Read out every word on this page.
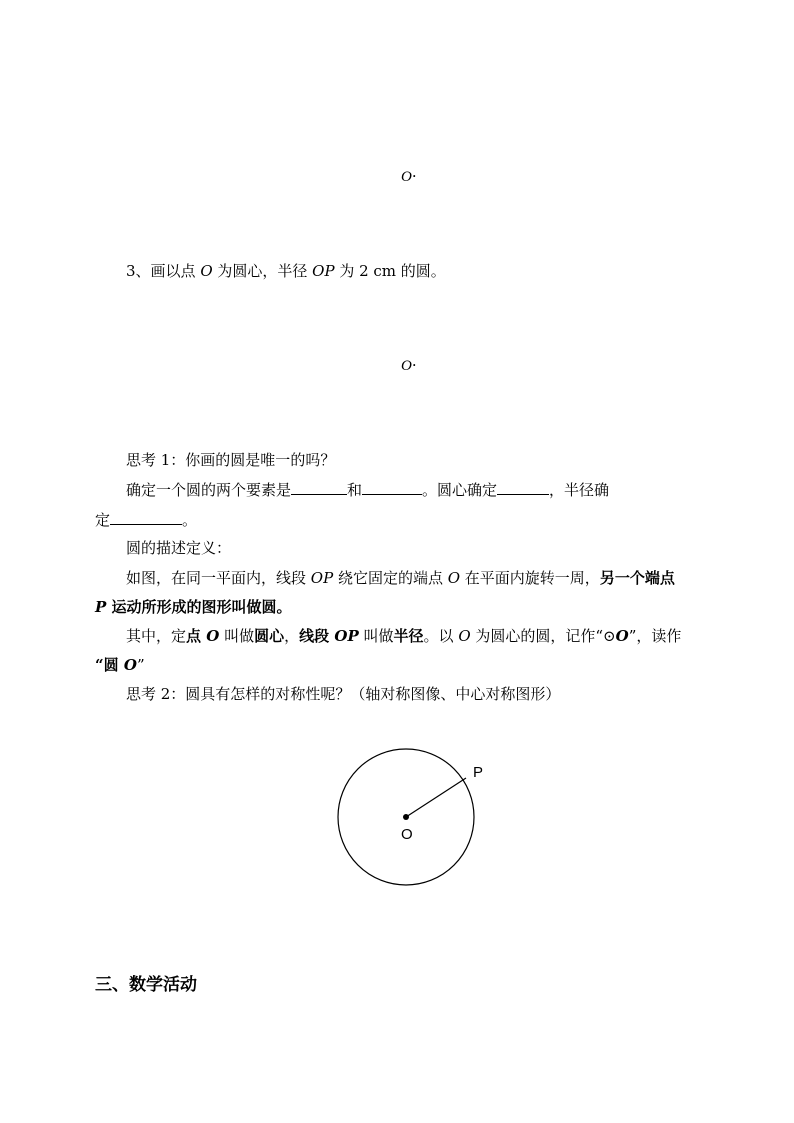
O·
3、画以点 O 为圆心，半径 OP 为 2 cm 的圆。
O·
思考 1：你画的圆是唯一的吗？
确定一个圆的两个要素是	和	。圆心确定	，半径确
定	。
圆的描述定义：
如图，在同一平面内，线段 OP 绕它固定的端点 O 在平面内旋转一周，另一个端点
P 运动所形成的图形叫做圆。
其中，定点 O 叫做圆心，线段 OP 叫做半径。以 O 为圆心的圆，记作“⊙O”，读作
“圆 O”
思考 2：圆具有怎样的对称性呢？（轴对称图像、中心对称图形）
P
O
三、数学活动
